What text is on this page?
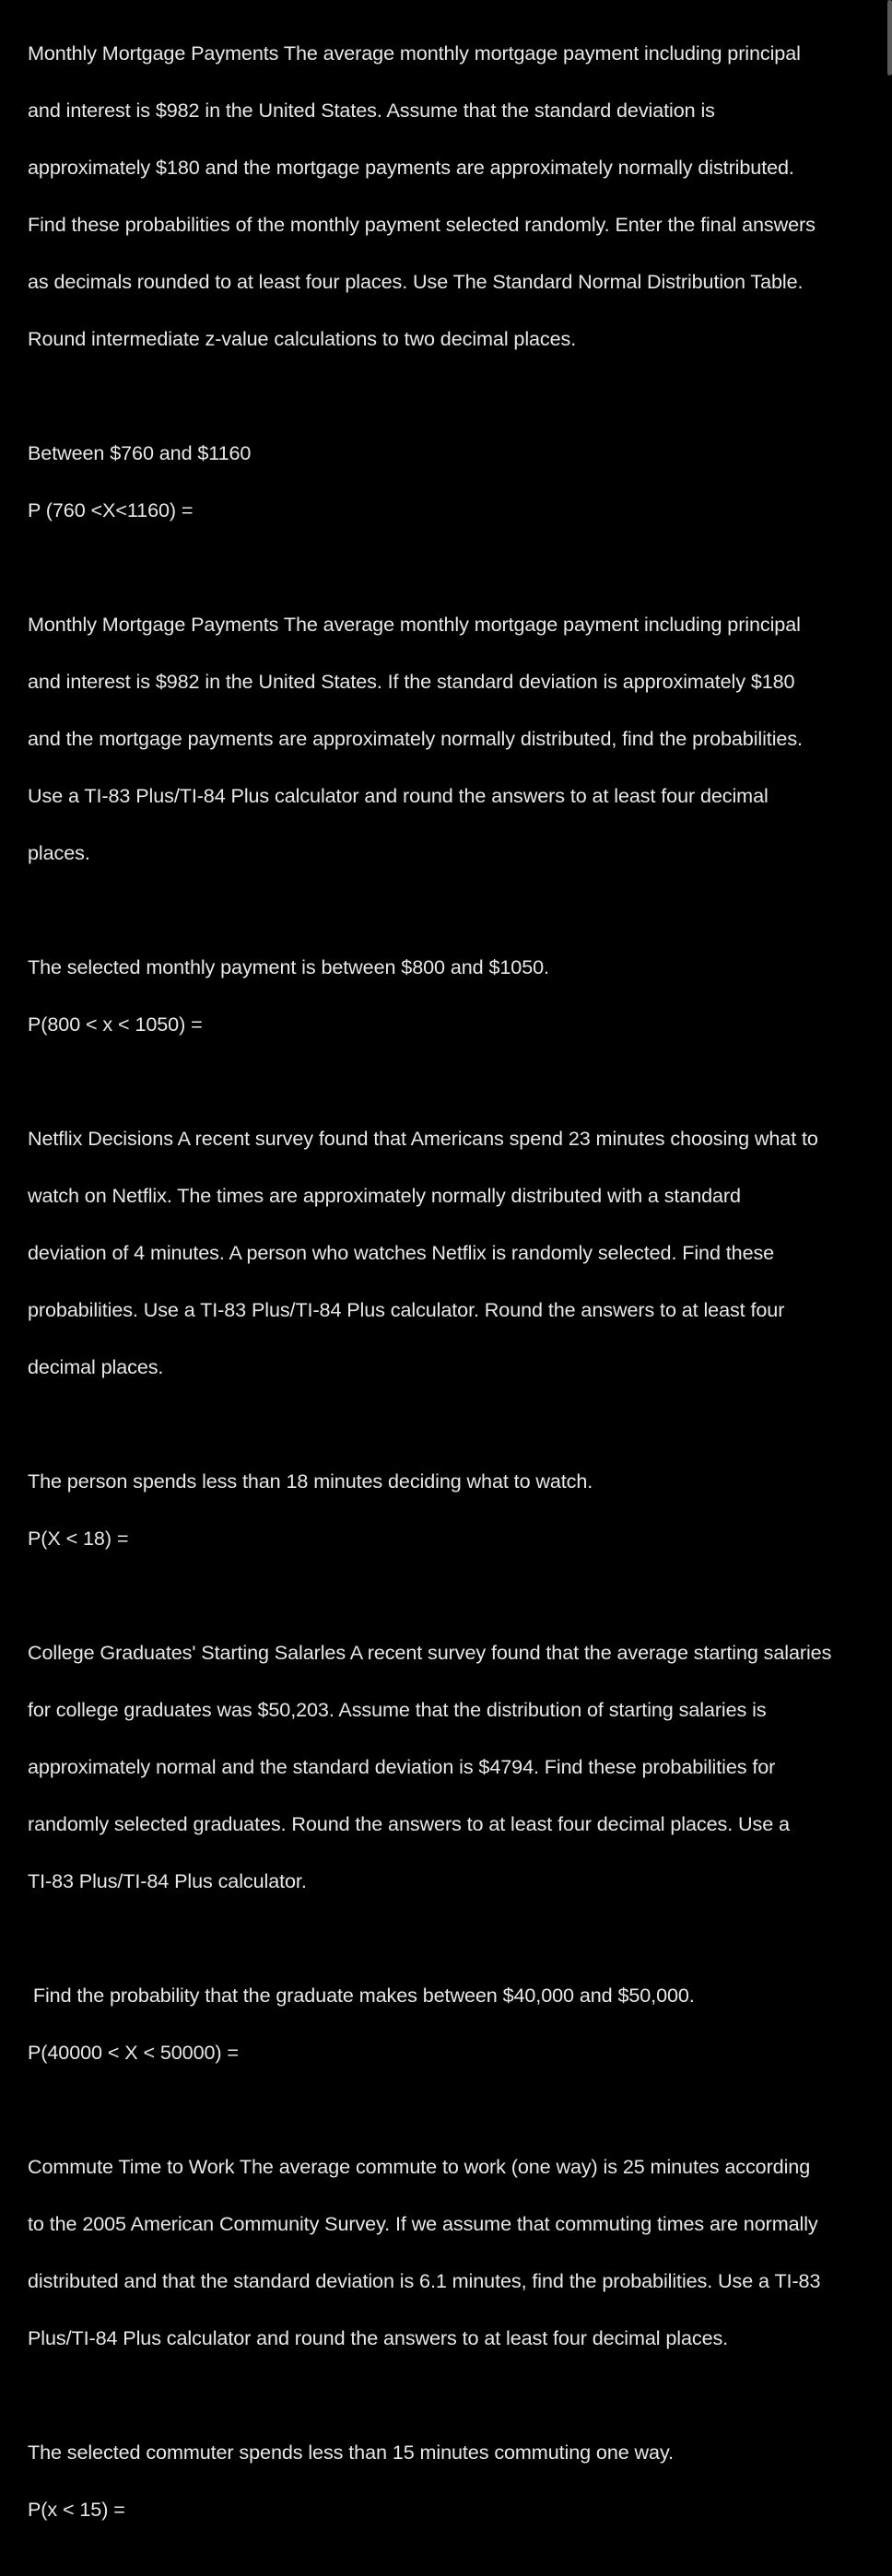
Monthly Mortgage Payments The average monthly mortgage payment including principal

and interest is $982 in the United States. Assume that the standard deviation is

approximately $180 and the mortgage payments are approximately normally distributed.

Find these probabilities of the monthly payment selected randomly. Enter the final answers

as decimals rounded to at least four places. Use The Standard Normal Distribution Table.

Round intermediate z-value calculations to two decimal places.

Between $760 and $1160

P (760 <X<1160) =

Monthly Mortgage Payments The average monthly mortgage payment including principal

and interest is $982 in the United States. If the standard deviation is approximately $180

and the mortgage payments are approximately normally distributed, find the probabilities.

Use a TI-83 Plus/TI-84 Plus calculator and round the answers to at least four decimal

places.

The selected monthly payment is between $800 and $1050.

P(800 < x < 1050) =

Netflix Decisions A recent survey found that Americans spend 23 minutes choosing what to

watch on Netflix. The times are approximately normally distributed with a standard

deviation of 4 minutes. A person who watches Netflix is randomly selected. Find these

probabilities. Use a TI-83 Plus/TI-84 Plus calculator. Round the answers to at least four

decimal places.

The person spends less than 18 minutes deciding what to watch.

P(X < 18) =

College Graduates' Starting Salarles A recent survey found that the average starting salaries

for college graduates was $50,203. Assume that the distribution of starting salaries is

approximately normal and the standard deviation is $4794. Find these probabilities for

randomly selected graduates. Round the answers to at least four decimal places. Use a

TI-83 Plus/TI-84 Plus calculator.

Find the probability that the graduate makes between $40,000 and $50,000.

P(40000 < X < 50000) =

Commute Time to Work The average commute to work (one way) is 25 minutes according

to the 2005 American Community Survey. If we assume that commuting times are normally

distributed and that the standard deviation is 6.1 minutes, find the probabilities. Use a TI-83

Plus/TI-84 Plus calculator and round the answers to at least four decimal places.

The selected commuter spends less than 15 minutes commuting one way.

P(x < 15) =
